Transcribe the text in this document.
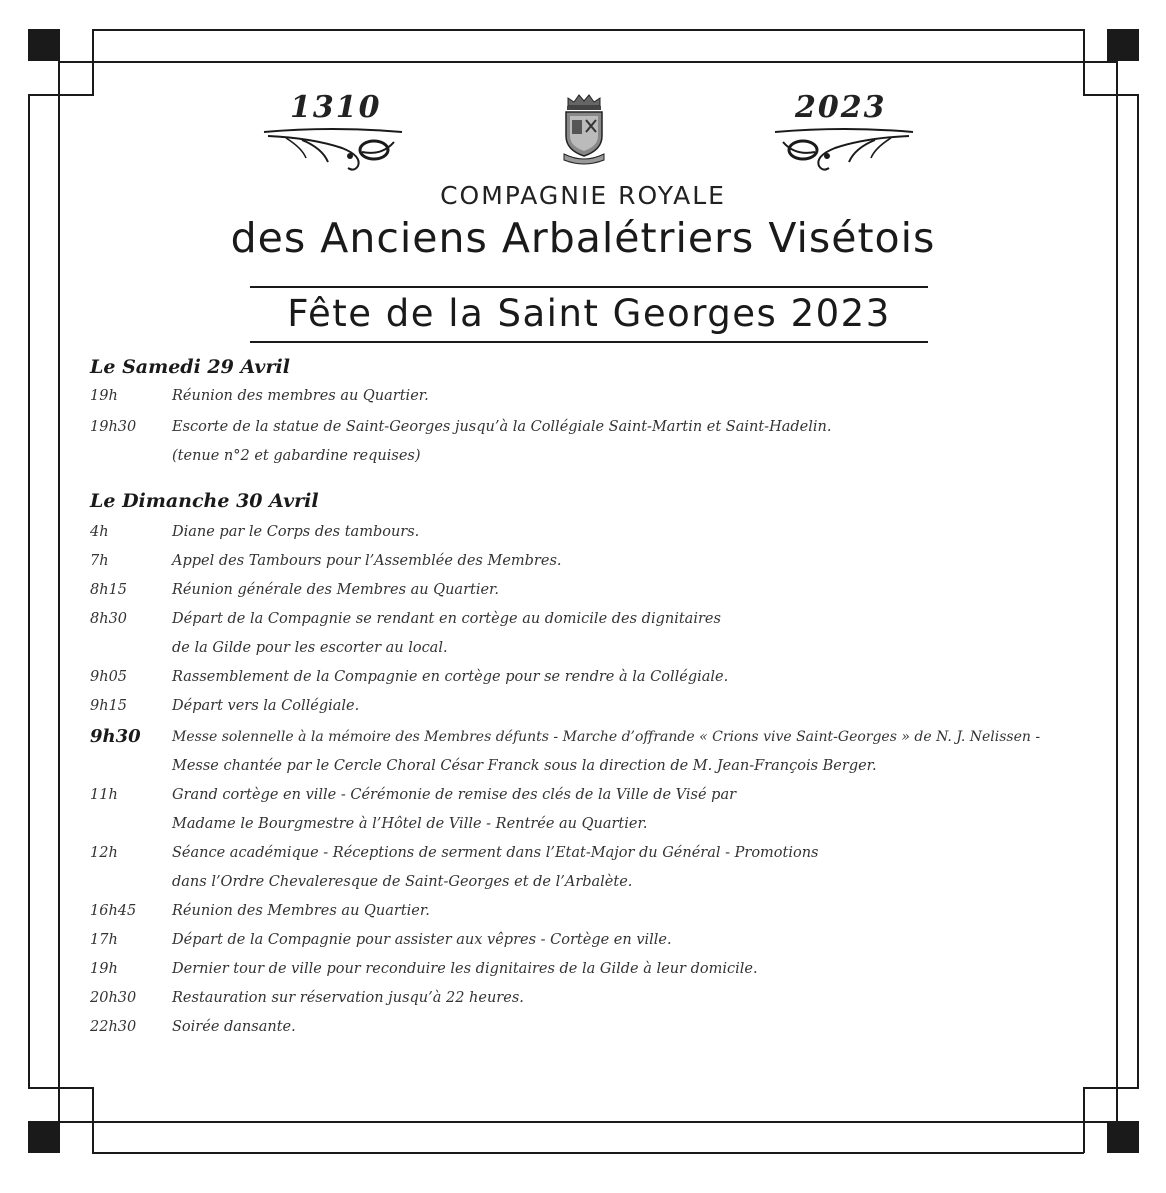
1310	2023
COMPAGNIE ROYALE
des Anciens Arbalétriers Visétois
Fête de la Saint Georges 2023
Le Samedi 29 Avril
19h	Réunion des membres au Quartier.
19h30 Escorte de la statue de Saint-Georges jusqu’à la Collégiale Saint-Martin et Saint-Hadelin.
(tenue n°2 et gabardine requises)
Le Dimanche 30 Avril
4h	Diane par le Corps des tambours.
7h	Appel des Tambours pour l’Assemblée des Membres.
8h15	Réunion générale des Membres au Quartier.
8h30	Départ de la Compagnie se rendant en cortège au domicile des dignitaires
de la Gilde pour les escorter au local.
9h05	Rassemblement de la Compagnie en cortège pour se rendre à la Collégiale.
9h15	Départ vers la Collégiale.
9h30 Messe solennelle à la mémoire des Membres défunts - Marche d’offrande « Crions vive Saint-Georges » de N. J. Nelissen -
Messe chantée par le Cercle Choral César Franck sous la direction de M. Jean-François Berger.
11h	Grand cortège en ville - Cérémonie de remise des clés de la Ville de Visé par
Madame le Bourgmestre à l’Hôtel de Ville - Rentrée au Quartier.
12h	Séance académique - Réceptions de serment dans l’Etat-Major du Général - Promotions
dans l’Ordre Chevaleresque de Saint-Georges et de l’Arbalète.
16h45 Réunion des Membres au Quartier.
17h	Départ de la Compagnie pour assister aux vêpres - Cortège en ville.
19h	Dernier tour de ville pour reconduire les dignitaires de la Gilde à leur domicile.
20h30 Restauration sur réservation jusqu’à 22 heures.
22h30 Soirée dansante.
